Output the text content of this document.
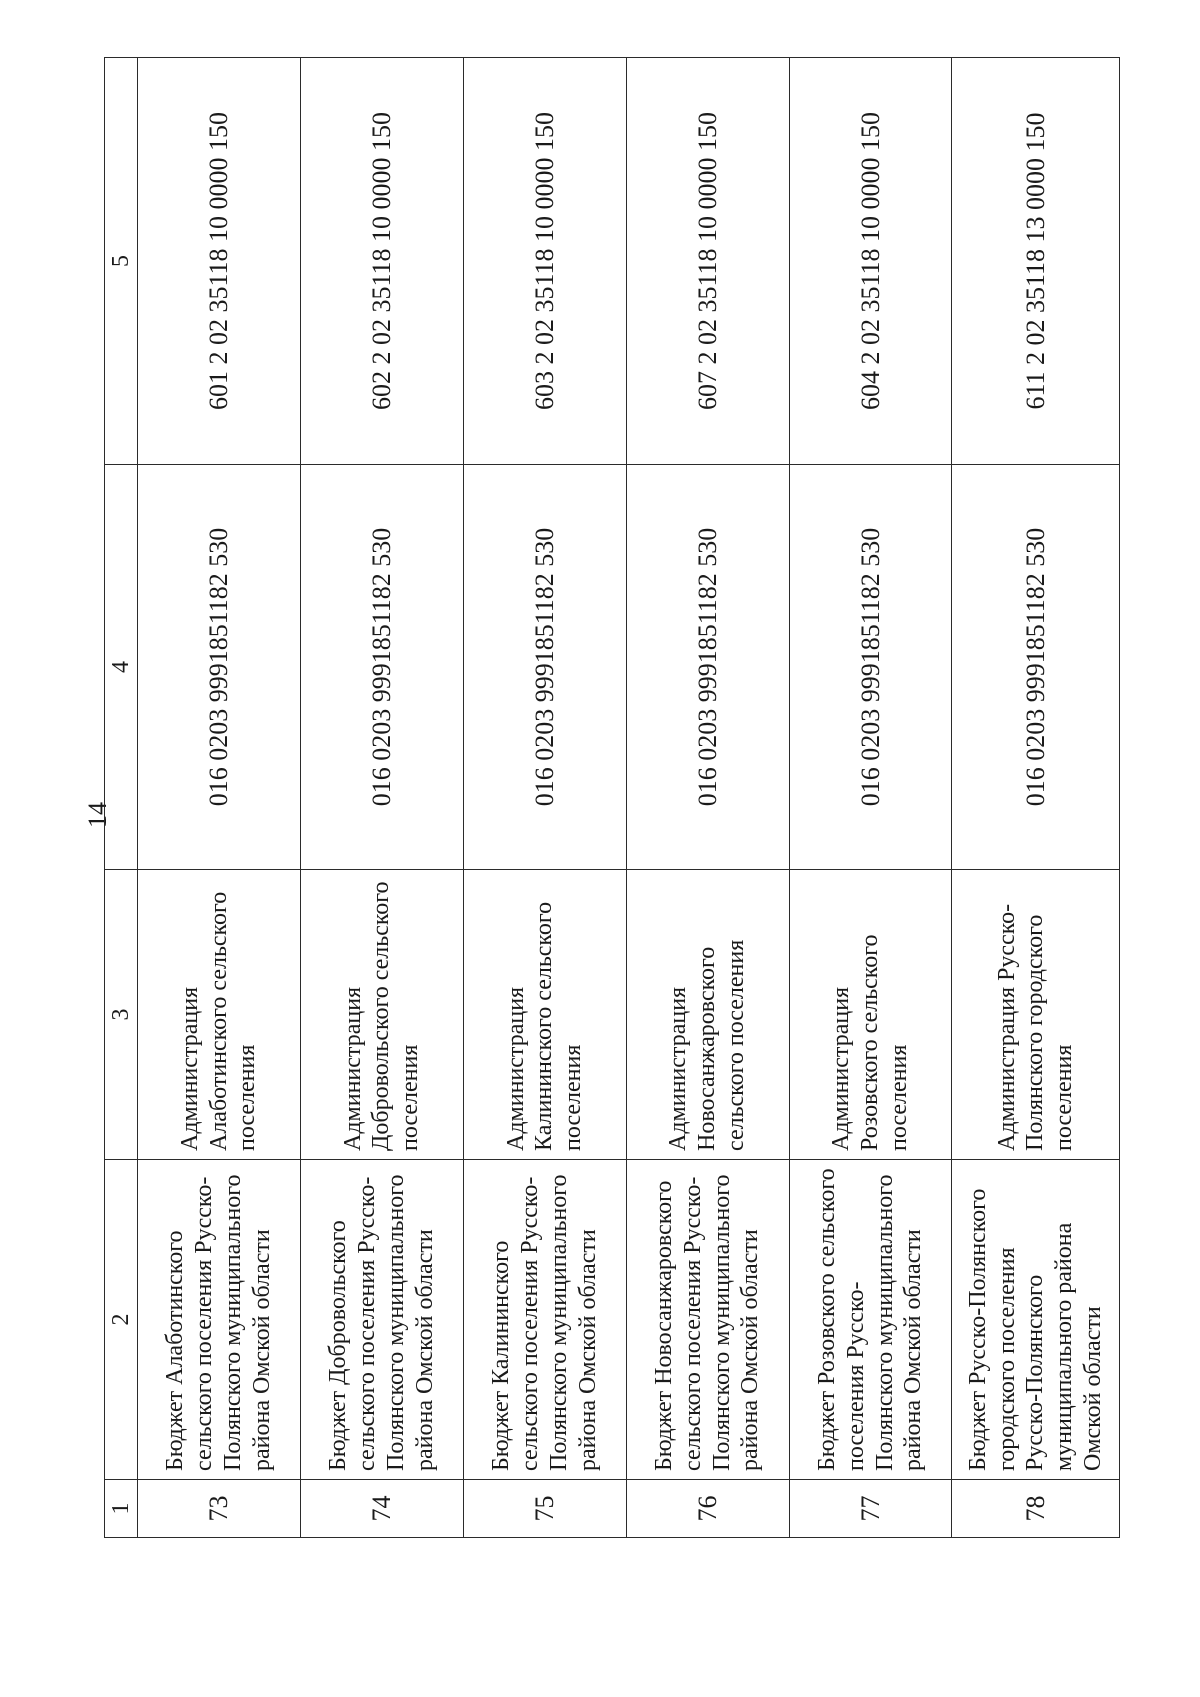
14
1	2	3	4	5
73	Бюджет Алаботинского сельского поселения Русско-Полянского муниципального района Омской области	Администрация Алаботинского сельского поселения	016 0203 9991851182 530	601 2 02 35118 10 0000 150
74	Бюджет Добровольского сельского поселения Русско-Полянского муниципального района Омской области	Администрация Добровольского сельского поселения	016 0203 9991851182 530	602 2 02 35118 10 0000 150
75	Бюджет Калининского сельского поселения Русско-Полянского муниципального района Омской области	Администрация Калининского сельского поселения	016 0203 9991851182 530	603 2 02 35118 10 0000 150
76	Бюджет Новосанжаровского сельского поселения Русско-Полянского муниципального района Омской области	Администрация Новосанжаровского сельского поселения	016 0203 9991851182 530	607 2 02 35118 10 0000 150
77	Бюджет Розовского сельского поселения Русско-Полянского муниципального района Омской области	Администрация Розовского сельского поселения	016 0203 9991851182 530	604 2 02 35118 10 0000 150
78	Бюджет Русско-Полянского городского поселения Русско-Полянского муниципального района Омской области	Администрация Русско-Полянского городского поселения	016 0203 9991851182 530	611 2 02 35118 13 0000 150
